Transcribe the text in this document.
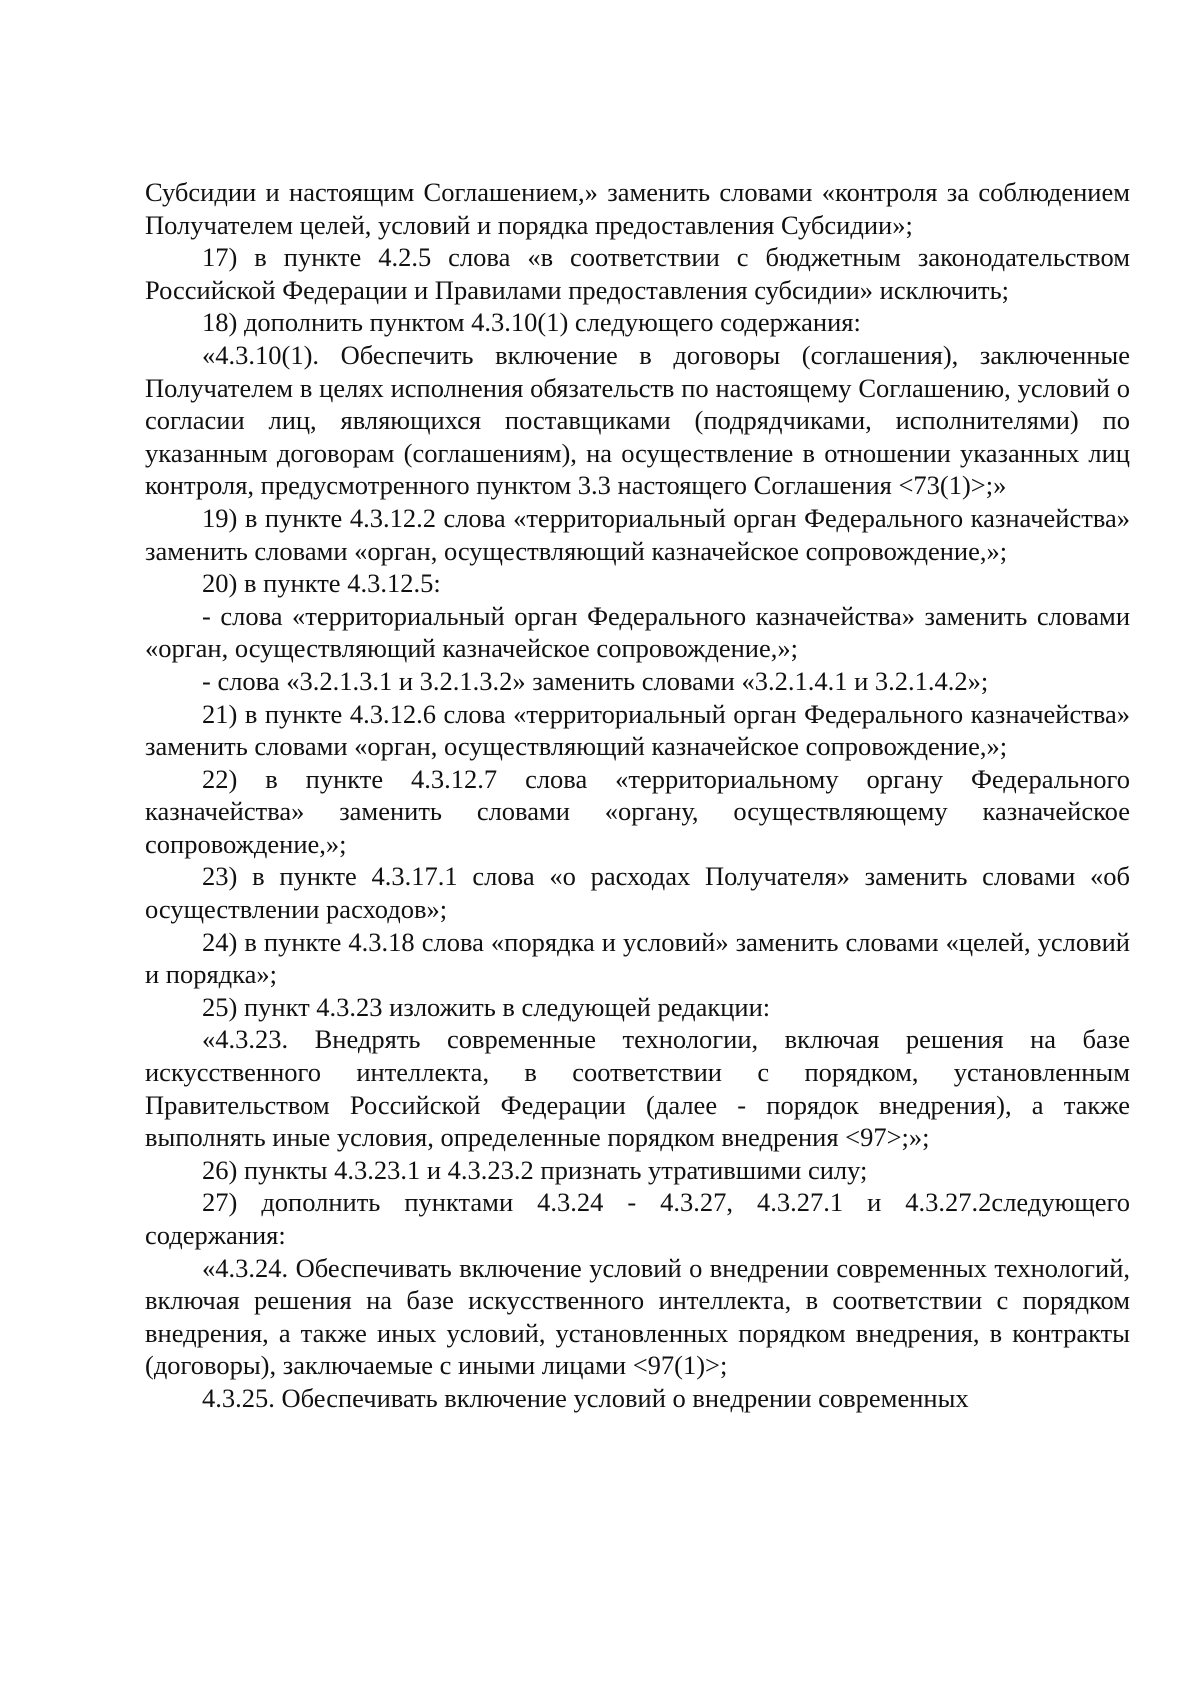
Субсидии и настоящим Соглашением,» заменить словами «контроля за соблюдением Получателем целей, условий и порядка предоставления Субсидии»;

17) в пункте 4.2.5 слова «в соответствии с бюджетным законодательством Российской Федерации и Правилами предоставления субсидии» исключить;

18) дополнить пунктом 4.3.10(1) следующего содержания:

«4.3.10(1). Обеспечить включение в договоры (соглашения), заключенные Получателем в целях исполнения обязательств по настоящему Соглашению, условий о согласии лиц, являющихся поставщиками (подрядчиками, исполнителями) по указанным договорам (соглашениям), на осуществление в отношении указанных лиц контроля, предусмотренного пунктом 3.3 настоящего Соглашения <73(1)>;»

19) в пункте 4.3.12.2 слова «территориальный орган Федерального казначейства» заменить словами «орган, осуществляющий казначейское сопровождение,»;

20) в пункте 4.3.12.5:

- слова «территориальный орган Федерального казначейства» заменить словами «орган, осуществляющий казначейское сопровождение,»;

- слова «3.2.1.3.1 и 3.2.1.3.2» заменить словами «3.2.1.4.1 и 3.2.1.4.2»;

21) в пункте 4.3.12.6 слова «территориальный орган Федерального казначейства» заменить словами «орган, осуществляющий казначейское сопровождение,»;

22) в пункте 4.3.12.7 слова «территориальному органу Федерального казначейства» заменить словами «органу, осуществляющему казначейское сопровождение,»;

23) в пункте 4.3.17.1 слова «о расходах Получателя» заменить словами «об осуществлении расходов»;

24) в пункте 4.3.18 слова «порядка и условий» заменить словами «целей, условий и порядка»;

25) пункт 4.3.23 изложить в следующей редакции:

«4.3.23. Внедрять современные технологии, включая решения на базе искусственного интеллекта, в соответствии с порядком, установленным Правительством Российской Федерации (далее - порядок внедрения), а также выполнять иные условия, определенные порядком внедрения <97>;»;

26) пункты 4.3.23.1 и 4.3.23.2 признать утратившими силу;

27) дополнить пунктами 4.3.24 - 4.3.27, 4.3.27.1 и 4.3.27.2следующего содержания:

«4.3.24. Обеспечивать включение условий о внедрении современных технологий, включая решения на базе искусственного интеллекта, в соответствии с порядком внедрения, а также иных условий, установленных порядком внедрения, в контракты (договоры), заключаемые с иными лицами <97(1)>;

4.3.25. Обеспечивать включение условий о внедрении современных
